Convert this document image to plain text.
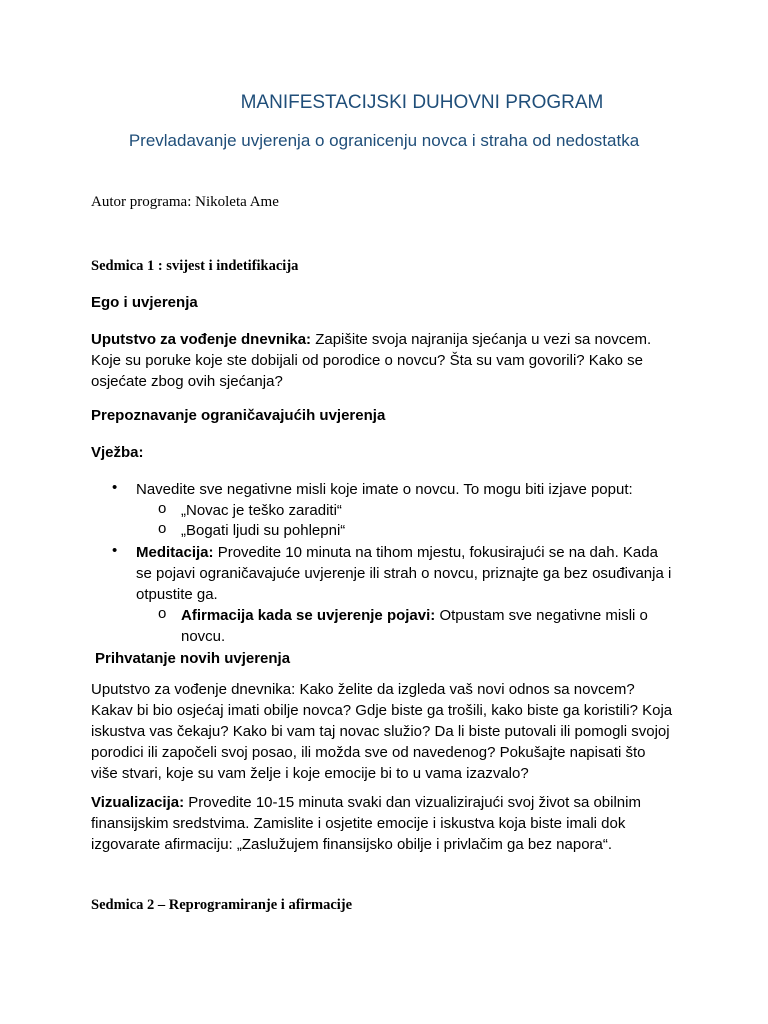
MANIFESTACIJSKI DUHOVNI PROGRAM
Prevladavanje uvjerenja o ogranicenju novca i straha od nedostatka
Autor programa: Nikoleta Ame
Sedmica 1 : svijest i indetifikacija
Ego i uvjerenja
Uputstvo za vođenje dnevnika: Zapišite svoja najranija sjećanja u vezi sa novcem.
Koje su poruke koje ste dobijali od porodice o novcu? Šta su vam govorili? Kako se
osjećate zbog ovih sjećanja?
Prepoznavanje ograničavajućih uvjerenja
Vježba:
• Navedite sve negativne misli koje imate o novcu. To mogu biti izjave poput:
o „Novac je teško zaraditi“
o „Bogati ljudi su pohlepni“
• Meditacija: Provedite 10 minuta na tihom mjestu, fokusirajući se na dah. Kada
se pojavi ograničavajuće uvjerenje ili strah o novcu, priznajte ga bez osuđivanja i
otpustite ga.
o Afirmacija kada se uvjerenje pojavi: Otpustam sve negativne misli o
novcu.
Prihvatanje novih uvjerenja
Uputstvo za vođenje dnevnika: Kako želite da izgleda vaš novi odnos sa novcem?
Kakav bi bio osjećaj imati obilje novca? Gdje biste ga trošili, kako biste ga koristili? Koja
iskustva vas čekaju? Kako bi vam taj novac služio? Da li biste putovali ili pomogli svojoj
porodici ili započeli svoj posao, ili možda sve od navedenog? Pokušajte napisati što
više stvari, koje su vam želje i koje emocije bi to u vama izazvalo?
Vizualizacija: Provedite 10-15 minuta svaki dan vizualizirajući svoj život sa obilnim
finansijskim sredstvima. Zamislite i osjetite emocije i iskustva koja biste imali dok
izgovarate afirmaciju: „Zaslužujem finansijsko obilje i privlačim ga bez napora“.
Sedmica 2 – Reprogramiranje i afirmacije
